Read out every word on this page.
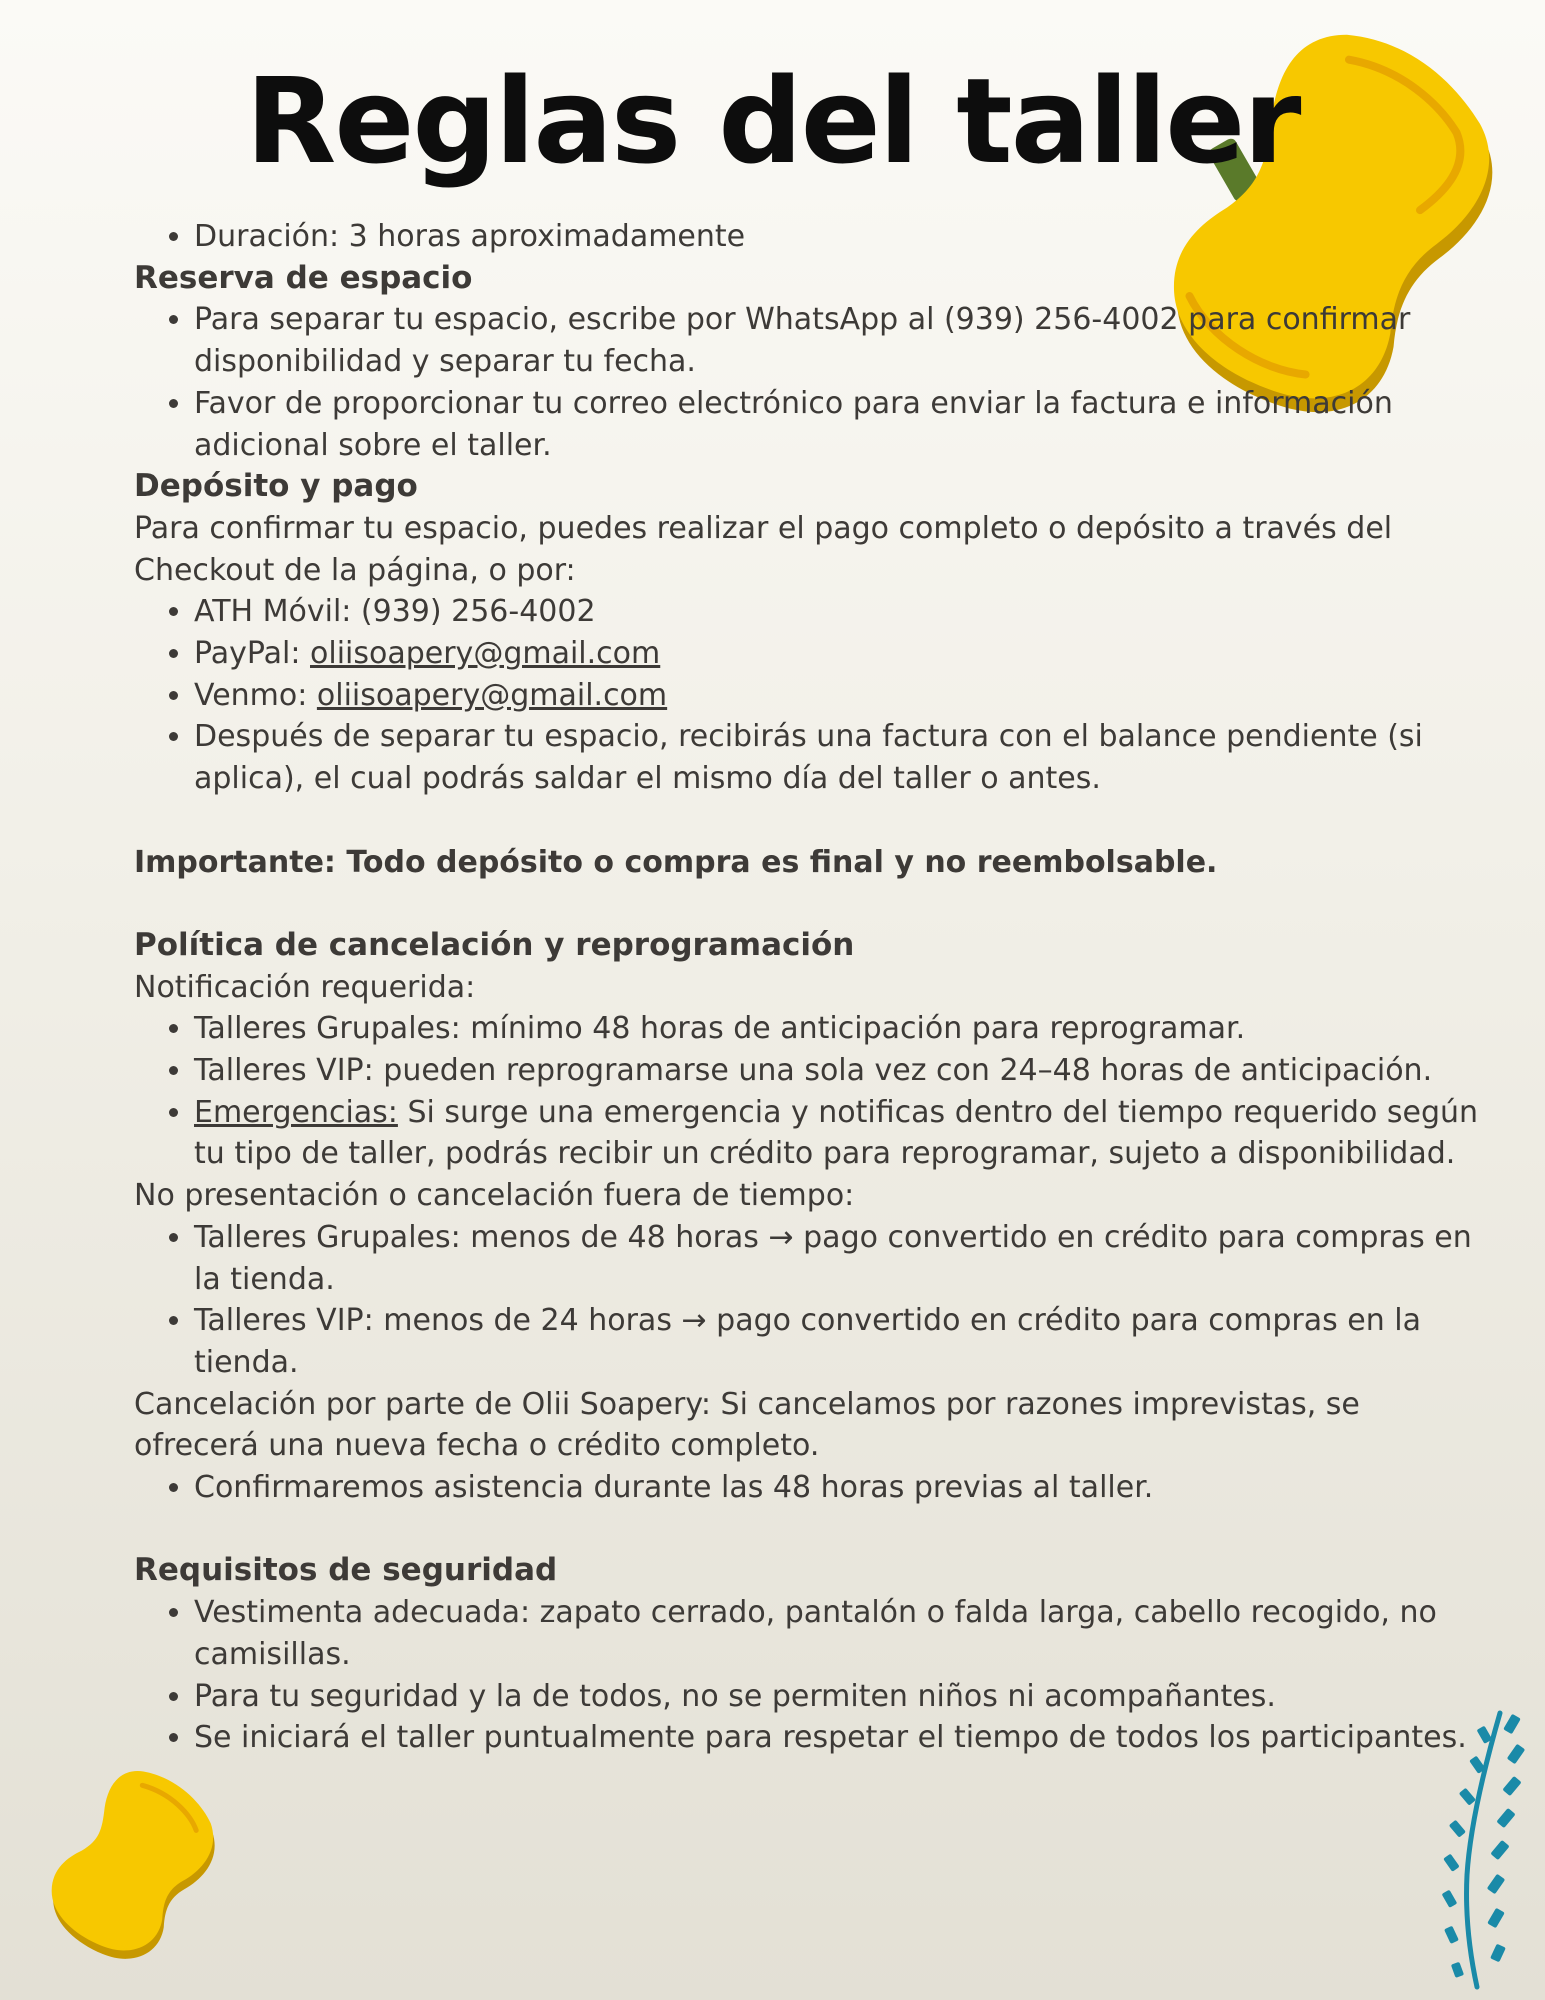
Reglas del taller
• Duración: 3 horas aproximadamente
Reserva de espacio
• Para separar tu espacio, escribe por WhatsApp al (939) 256-4002 para confirmar disponibilidad y separar tu fecha.
• Favor de proporcionar tu correo electrónico para enviar la factura e información adicional sobre el taller.
Depósito y pago

Para confirmar tu espacio, puedes realizar el pago completo o depósito a través del Checkout de la página, o por:

• ATH Móvil: (939) 256-4002
• PayPal: oliisoapery@gmail.com
• Venmo: oliisoapery@gmail.com
• Después de separar tu espacio, recibirás una factura con el balance pendiente (si aplica), el cual podrás saldar el mismo día del taller o antes.

Importante: Todo depósito o compra es final y no reembolsable.

Política de cancelación y reprogramación

Notificación requerida:

• Talleres Grupales: mínimo 48 horas de anticipación para reprogramar.
• Talleres VIP: pueden reprogramarse una sola vez con 24–48 horas de anticipación.
• Emergencias: Si surge una emergencia y notificas dentro del tiempo requerido según tu tipo de taller, podrás recibir un crédito para reprogramar, sujeto a disponibilidad.

No presentación o cancelación fuera de tiempo:

• Talleres Grupales: menos de 48 horas → pago convertido en crédito para compras en la tienda.
• Talleres VIP: menos de 24 horas → pago convertido en crédito para compras en la tienda.

Cancelación por parte de Olii Soapery: Si cancelamos por razones imprevistas, se ofrecerá una nueva fecha o crédito completo.

• Confirmaremos asistencia durante las 48 horas previas al taller.
Requisitos de seguridad
• Vestimenta adecuada: zapato cerrado, pantalón o falda larga, cabello recogido, no camisillas.
• Para tu seguridad y la de todos, no se permiten niños ni acompañantes.
• Se iniciará el taller puntualmente para respetar el tiempo de todos los participantes.
